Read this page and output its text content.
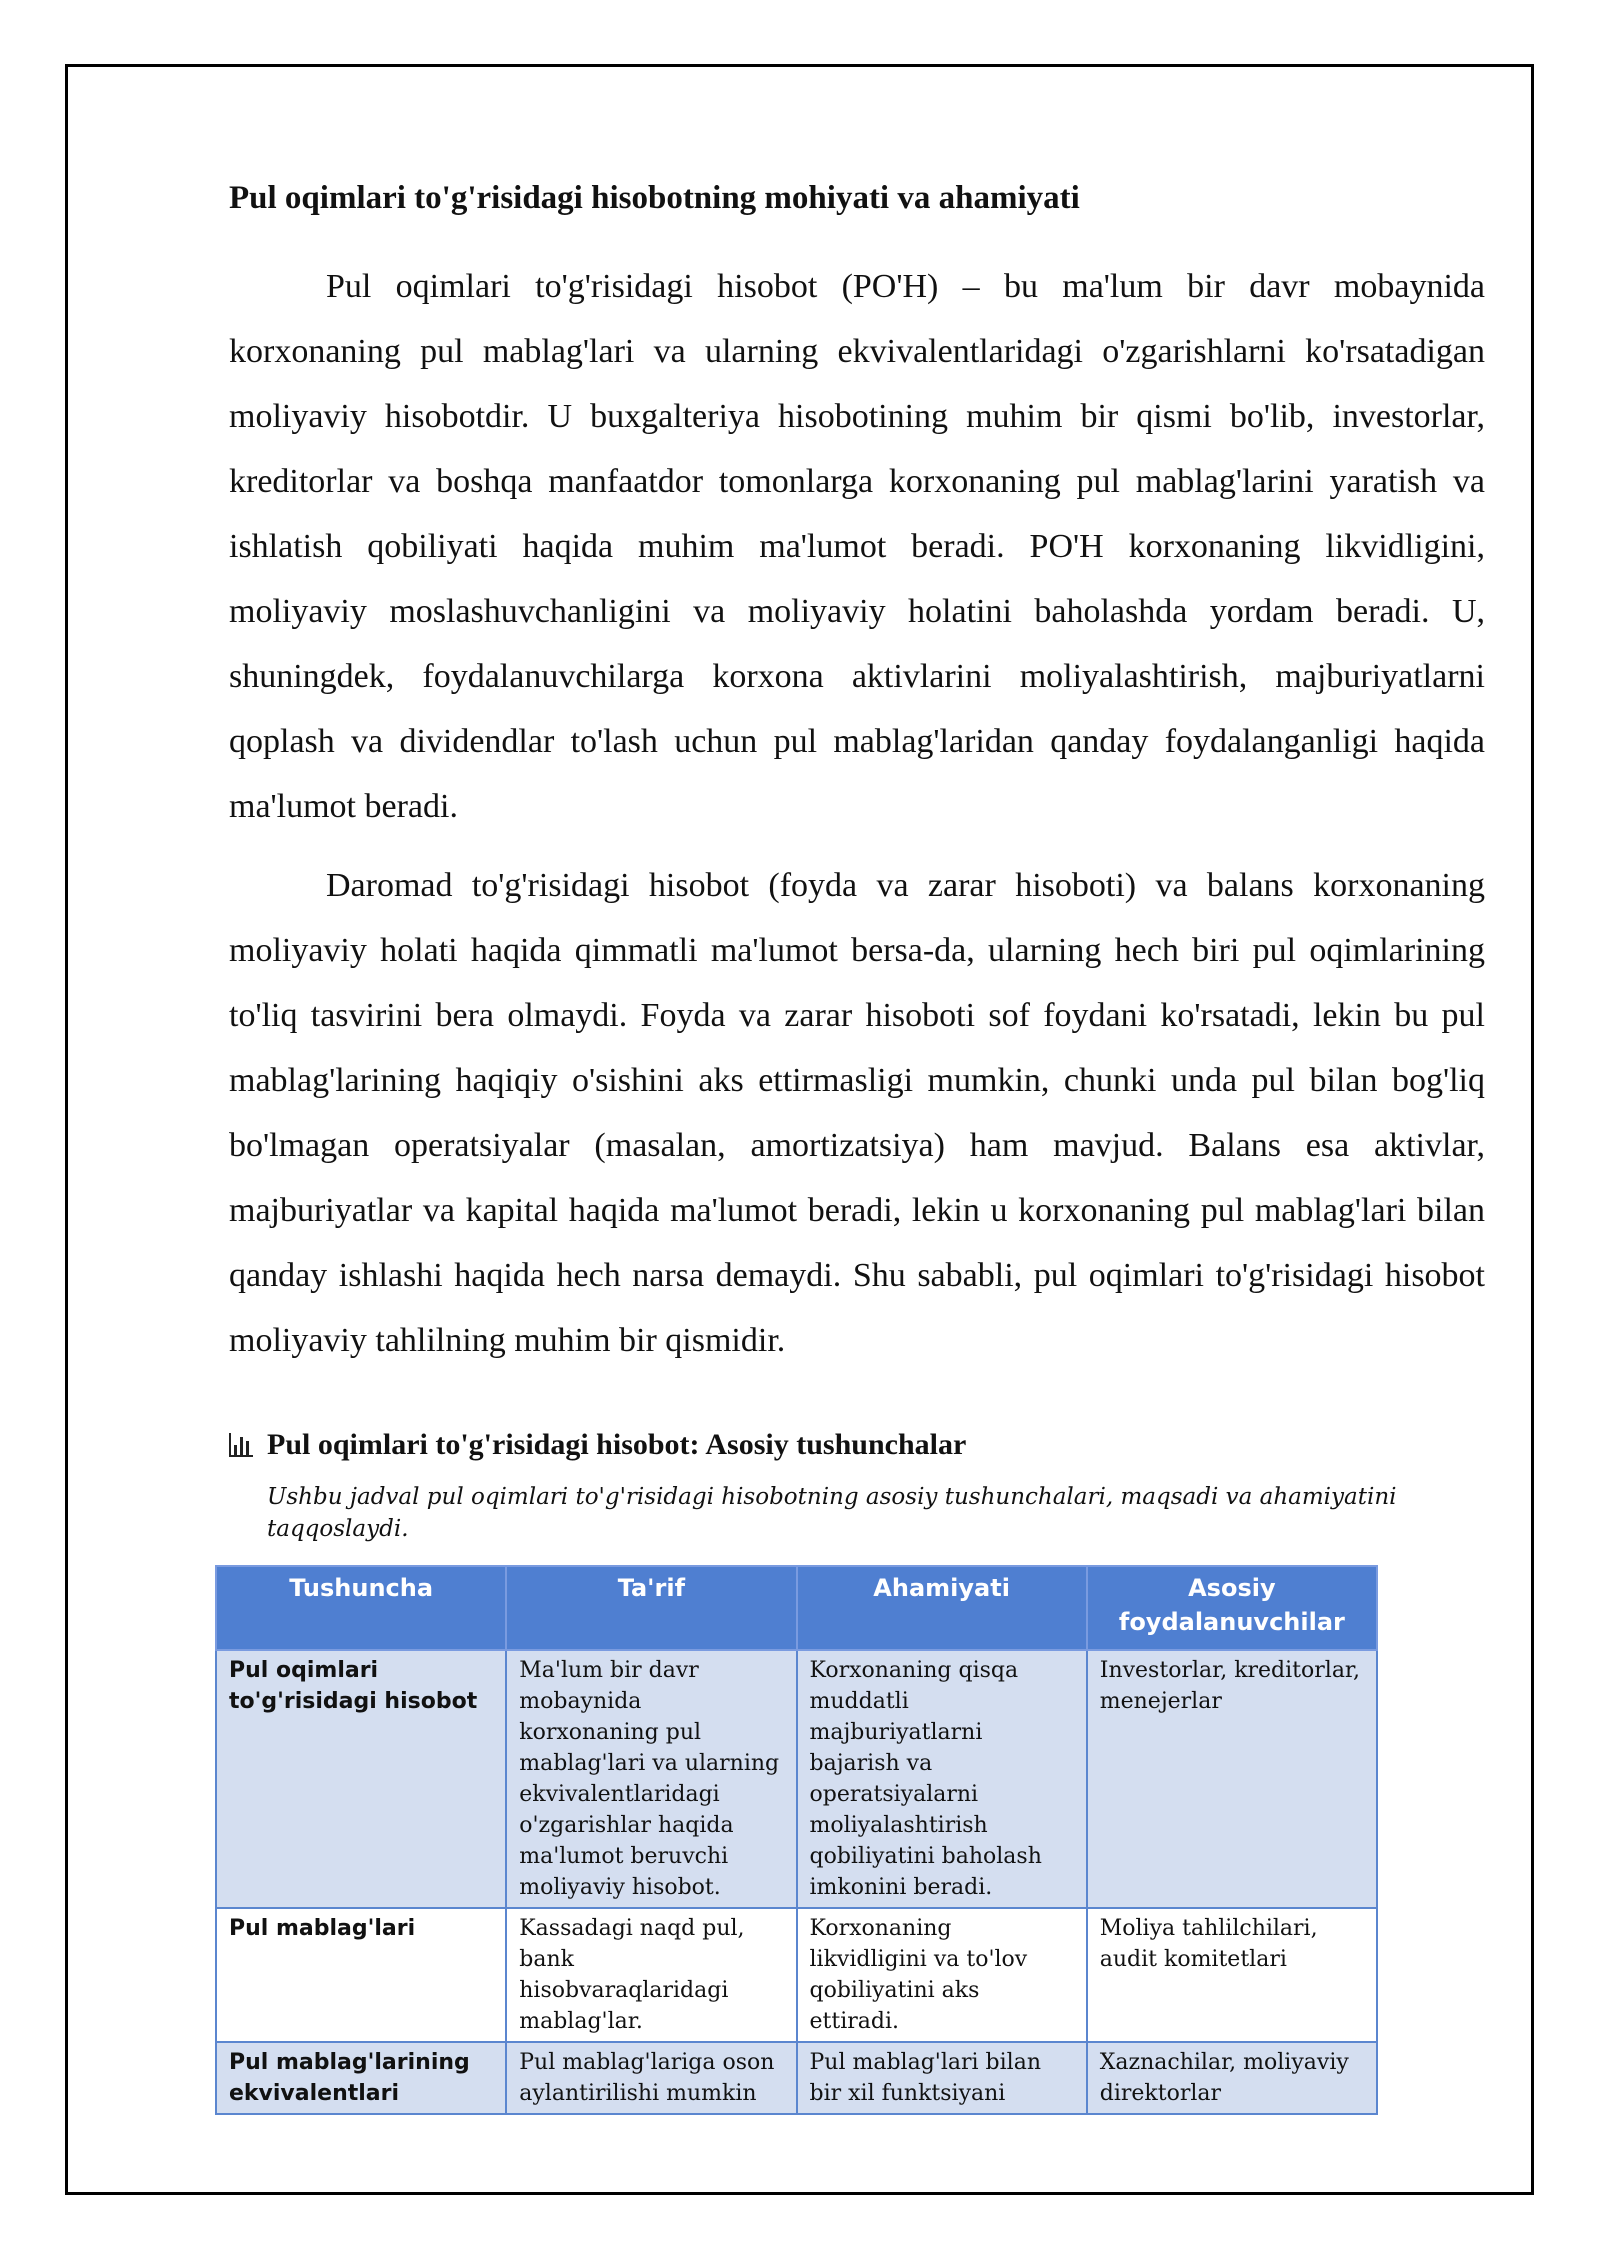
Pul oqimlari to'g'risidagi hisobotning mohiyati va ahamiyati

Pul oqimlari to'g'risidagi hisobot (PO'H) – bu ma'lum bir davr mobaynida korxonaning pul mablag'lari va ularning ekvivalentlaridagi o'zgarishlarni ko'rsatadigan moliyaviy hisobotdir. U buxgalteriya hisobotining muhim bir qismi bo'lib, investorlar, kreditorlar va boshqa manfaatdor tomonlarga korxonaning pul mablag'larini yaratish va ishlatish qobiliyati haqida muhim ma'lumot beradi. PO'H korxonaning likvidligini, moliyaviy moslashuvchanligini va moliyaviy holatini baholashda yordam beradi. U, shuningdek, foydalanuvchilarga korxona aktivlarini moliyalashtirish, majburiyatlarni qoplash va dividendlar to'lash uchun pul mablag'laridan qanday foydalanganligi haqida ma'lumot beradi.

Daromad to'g'risidagi hisobot (foyda va zarar hisoboti) va balans korxonaning moliyaviy holati haqida qimmatli ma'lumot bersa-da, ularning hech biri pul oqimlarining to'liq tasvirini bera olmaydi. Foyda va zarar hisoboti sof foydani ko'rsatadi, lekin bu pul mablag'larining haqiqiy o'sishini aks ettirmasligi mumkin, chunki unda pul bilan bog'liq bo'lmagan operatsiyalar (masalan, amortizatsiya) ham mavjud. Balans esa aktivlar, majburiyatlar va kapital haqida ma'lumot beradi, lekin u korxonaning pul mablag'lari bilan qanday ishlashi haqida hech narsa demaydi. Shu sababli, pul oqimlari to'g'risidagi hisobot moliyaviy tahlilning muhim bir qismidir.

Pul oqimlari to'g'risidagi hisobot: Asosiy tushunchalar
Ushbu jadval pul oqimlari to'g'risidagi hisobotning asosiy tushunchalari, maqsadi va ahamiyatini taqqoslaydi.
Tushuncha	Ta'rif	Ahamiyati	Asosiy foydalanuvchilar
Pul oqimlari to'g'risidagi hisobot	Ma'lum bir davr mobaynida korxonaning pul mablag'lari va ularning ekvivalentlaridagi o'zgarishlar haqida ma'lumot beruvchi moliyaviy hisobot.	Korxonaning qisqa muddatli majburiyatlarni bajarish va operatsiyalarni moliyalashtirish qobiliyatini baholash imkonini beradi.	Investorlar, kreditorlar, menejerlar
Pul mablag'lari	Kassadagi naqd pul, bank hisobvaraqlaridagi mablag'lar.	Korxonaning likvidligini va to'lov qobiliyatini aks ettiradi.	Moliya tahlilchilari, audit komitetlari
Pul mablag'larining ekvivalentlari	Pul mablag'lariga oson aylantirilishi mumkin	Pul mablag'lari bilan bir xil funktsiyani	Xaznachilar, moliyaviy direktorlar
